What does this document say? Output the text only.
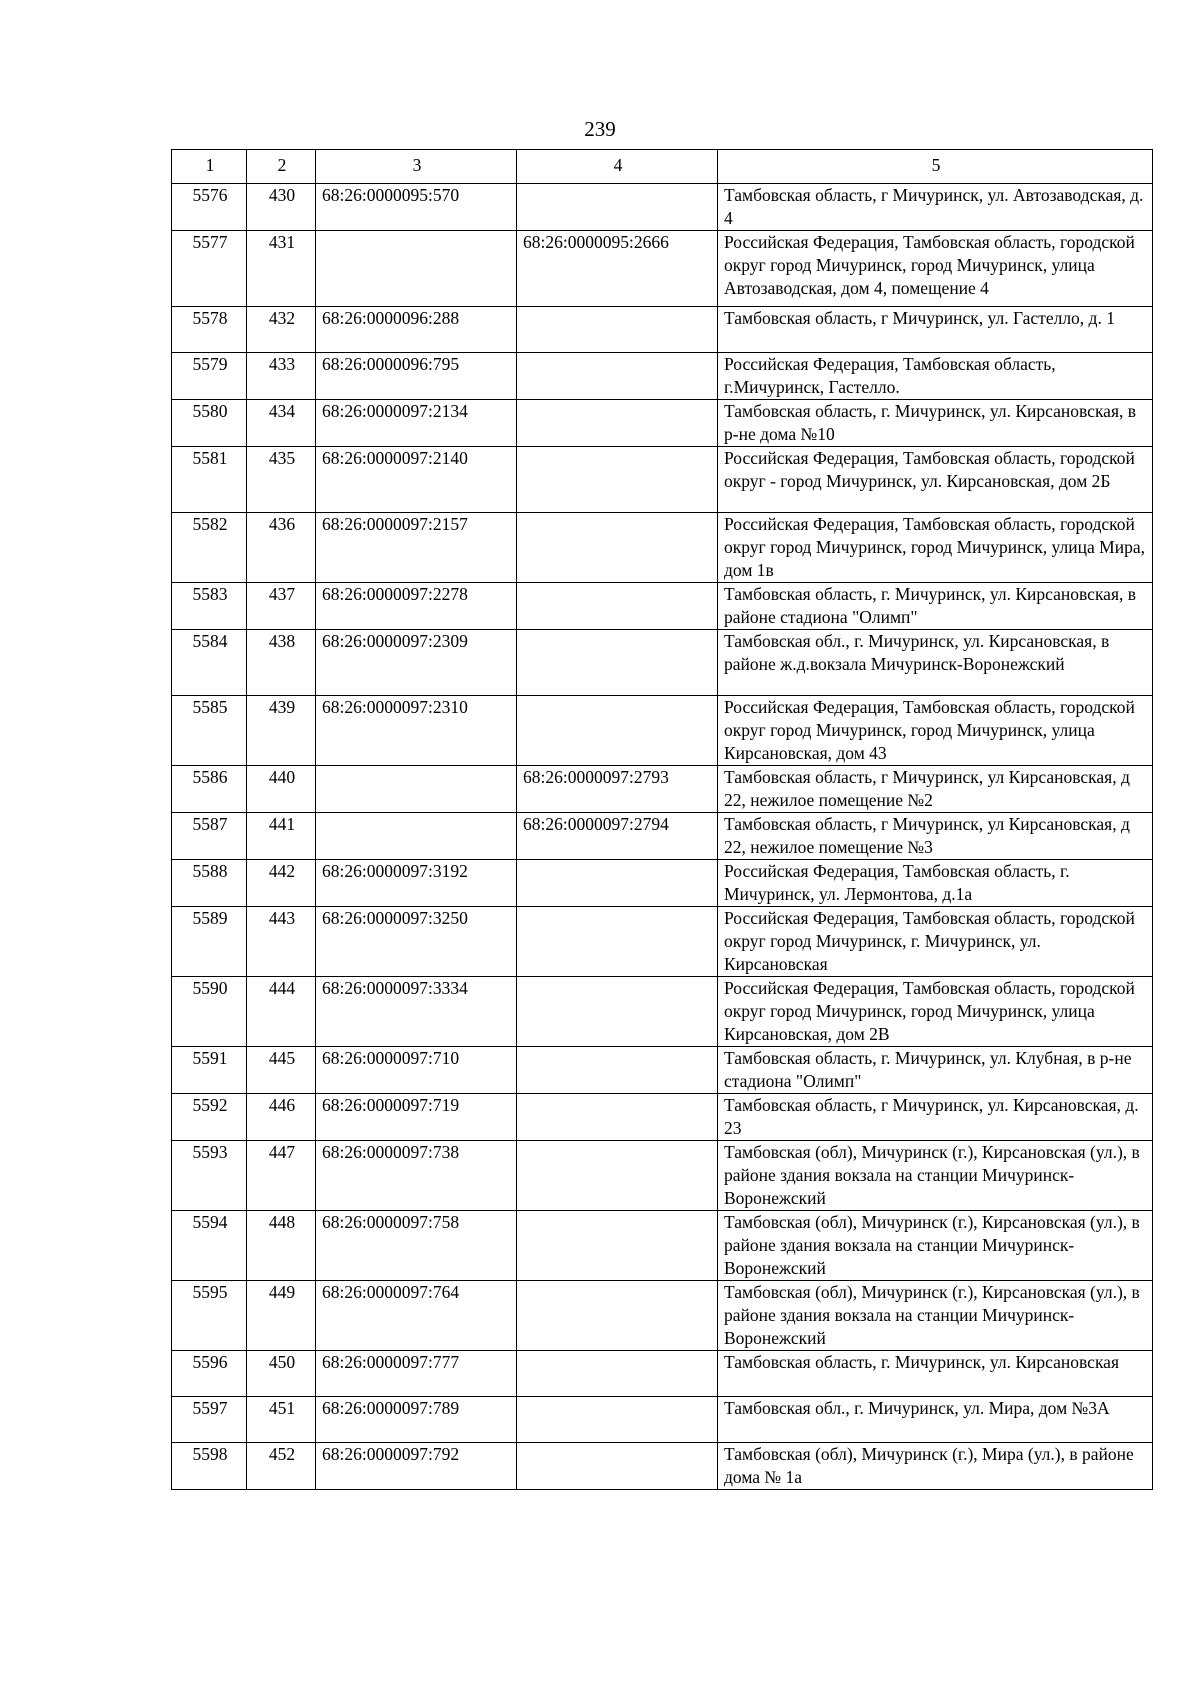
239
1	2	3	4	5
5576	430	68:26:0000095:570		Тамбовская область, г Мичуринск, ул. Автозаводская, д. 4
5577	431		68:26:0000095:2666	Российская Федерация, Тамбовская область, городской округ город Мичуринск, город Мичуринск, улица Автозаводская, дом 4, помещение 4
5578	432	68:26:0000096:288		Тамбовская область, г Мичуринск, ул. Гастелло, д. 1
5579	433	68:26:0000096:795		Российская Федерация, Тамбовская область, г.Мичуринск, Гастелло.
5580	434	68:26:0000097:2134		Тамбовская область, г. Мичуринск, ул. Кирсановская, в р-не дома №10
5581	435	68:26:0000097:2140		Российская Федерация, Тамбовская область, городской округ - город Мичуринск, ул. Кирсановская, дом 2Б
5582	436	68:26:0000097:2157		Российская Федерация, Тамбовская область, городской округ город Мичуринск, город Мичуринск, улица Мира, дом 1в
5583	437	68:26:0000097:2278		Тамбовская область, г. Мичуринск, ул. Кирсановская, в районе стадиона "Олимп"
5584	438	68:26:0000097:2309		Тамбовская обл., г. Мичуринск, ул. Кирсановская, в районе ж.д.вокзала Мичуринск-Воронежский
5585	439	68:26:0000097:2310		Российская Федерация, Тамбовская область, городской округ город Мичуринск, город Мичуринск, улица Кирсановская, дом 43
5586	440		68:26:0000097:2793	Тамбовская область, г Мичуринск, ул Кирсановская, д 22, нежилое помещение №2
5587	441		68:26:0000097:2794	Тамбовская область, г Мичуринск, ул Кирсановская, д 22, нежилое помещение №3
5588	442	68:26:0000097:3192		Российская Федерация, Тамбовская область, г. Мичуринск, ул. Лермонтова, д.1а
5589	443	68:26:0000097:3250		Российская Федерация, Тамбовская область, городской округ город Мичуринск, г. Мичуринск, ул. Кирсановская
5590	444	68:26:0000097:3334		Российская Федерация, Тамбовская область, городской округ город Мичуринск, город Мичуринск, улица Кирсановская, дом 2В
5591	445	68:26:0000097:710		Тамбовская область, г. Мичуринск, ул. Клубная, в р-не стадиона "Олимп"
5592	446	68:26:0000097:719		Тамбовская область, г Мичуринск, ул. Кирсановская, д. 23
5593	447	68:26:0000097:738		Тамбовская (обл), Мичуринск (г.), Кирсановская (ул.), в районе здания вокзала на станции Мичуринск-Воронежский
5594	448	68:26:0000097:758		Тамбовская (обл), Мичуринск (г.), Кирсановская (ул.), в районе здания вокзала на станции Мичуринск-Воронежский
5595	449	68:26:0000097:764		Тамбовская (обл), Мичуринск (г.), Кирсановская (ул.), в районе здания вокзала на станции Мичуринск-Воронежский
5596	450	68:26:0000097:777		Тамбовская область, г. Мичуринск, ул. Кирсановская
5597	451	68:26:0000097:789		Тамбовская обл., г. Мичуринск, ул. Мира, дом №3А
5598	452	68:26:0000097:792		Тамбовская (обл), Мичуринск (г.), Мира (ул.), в районе дома № 1а
